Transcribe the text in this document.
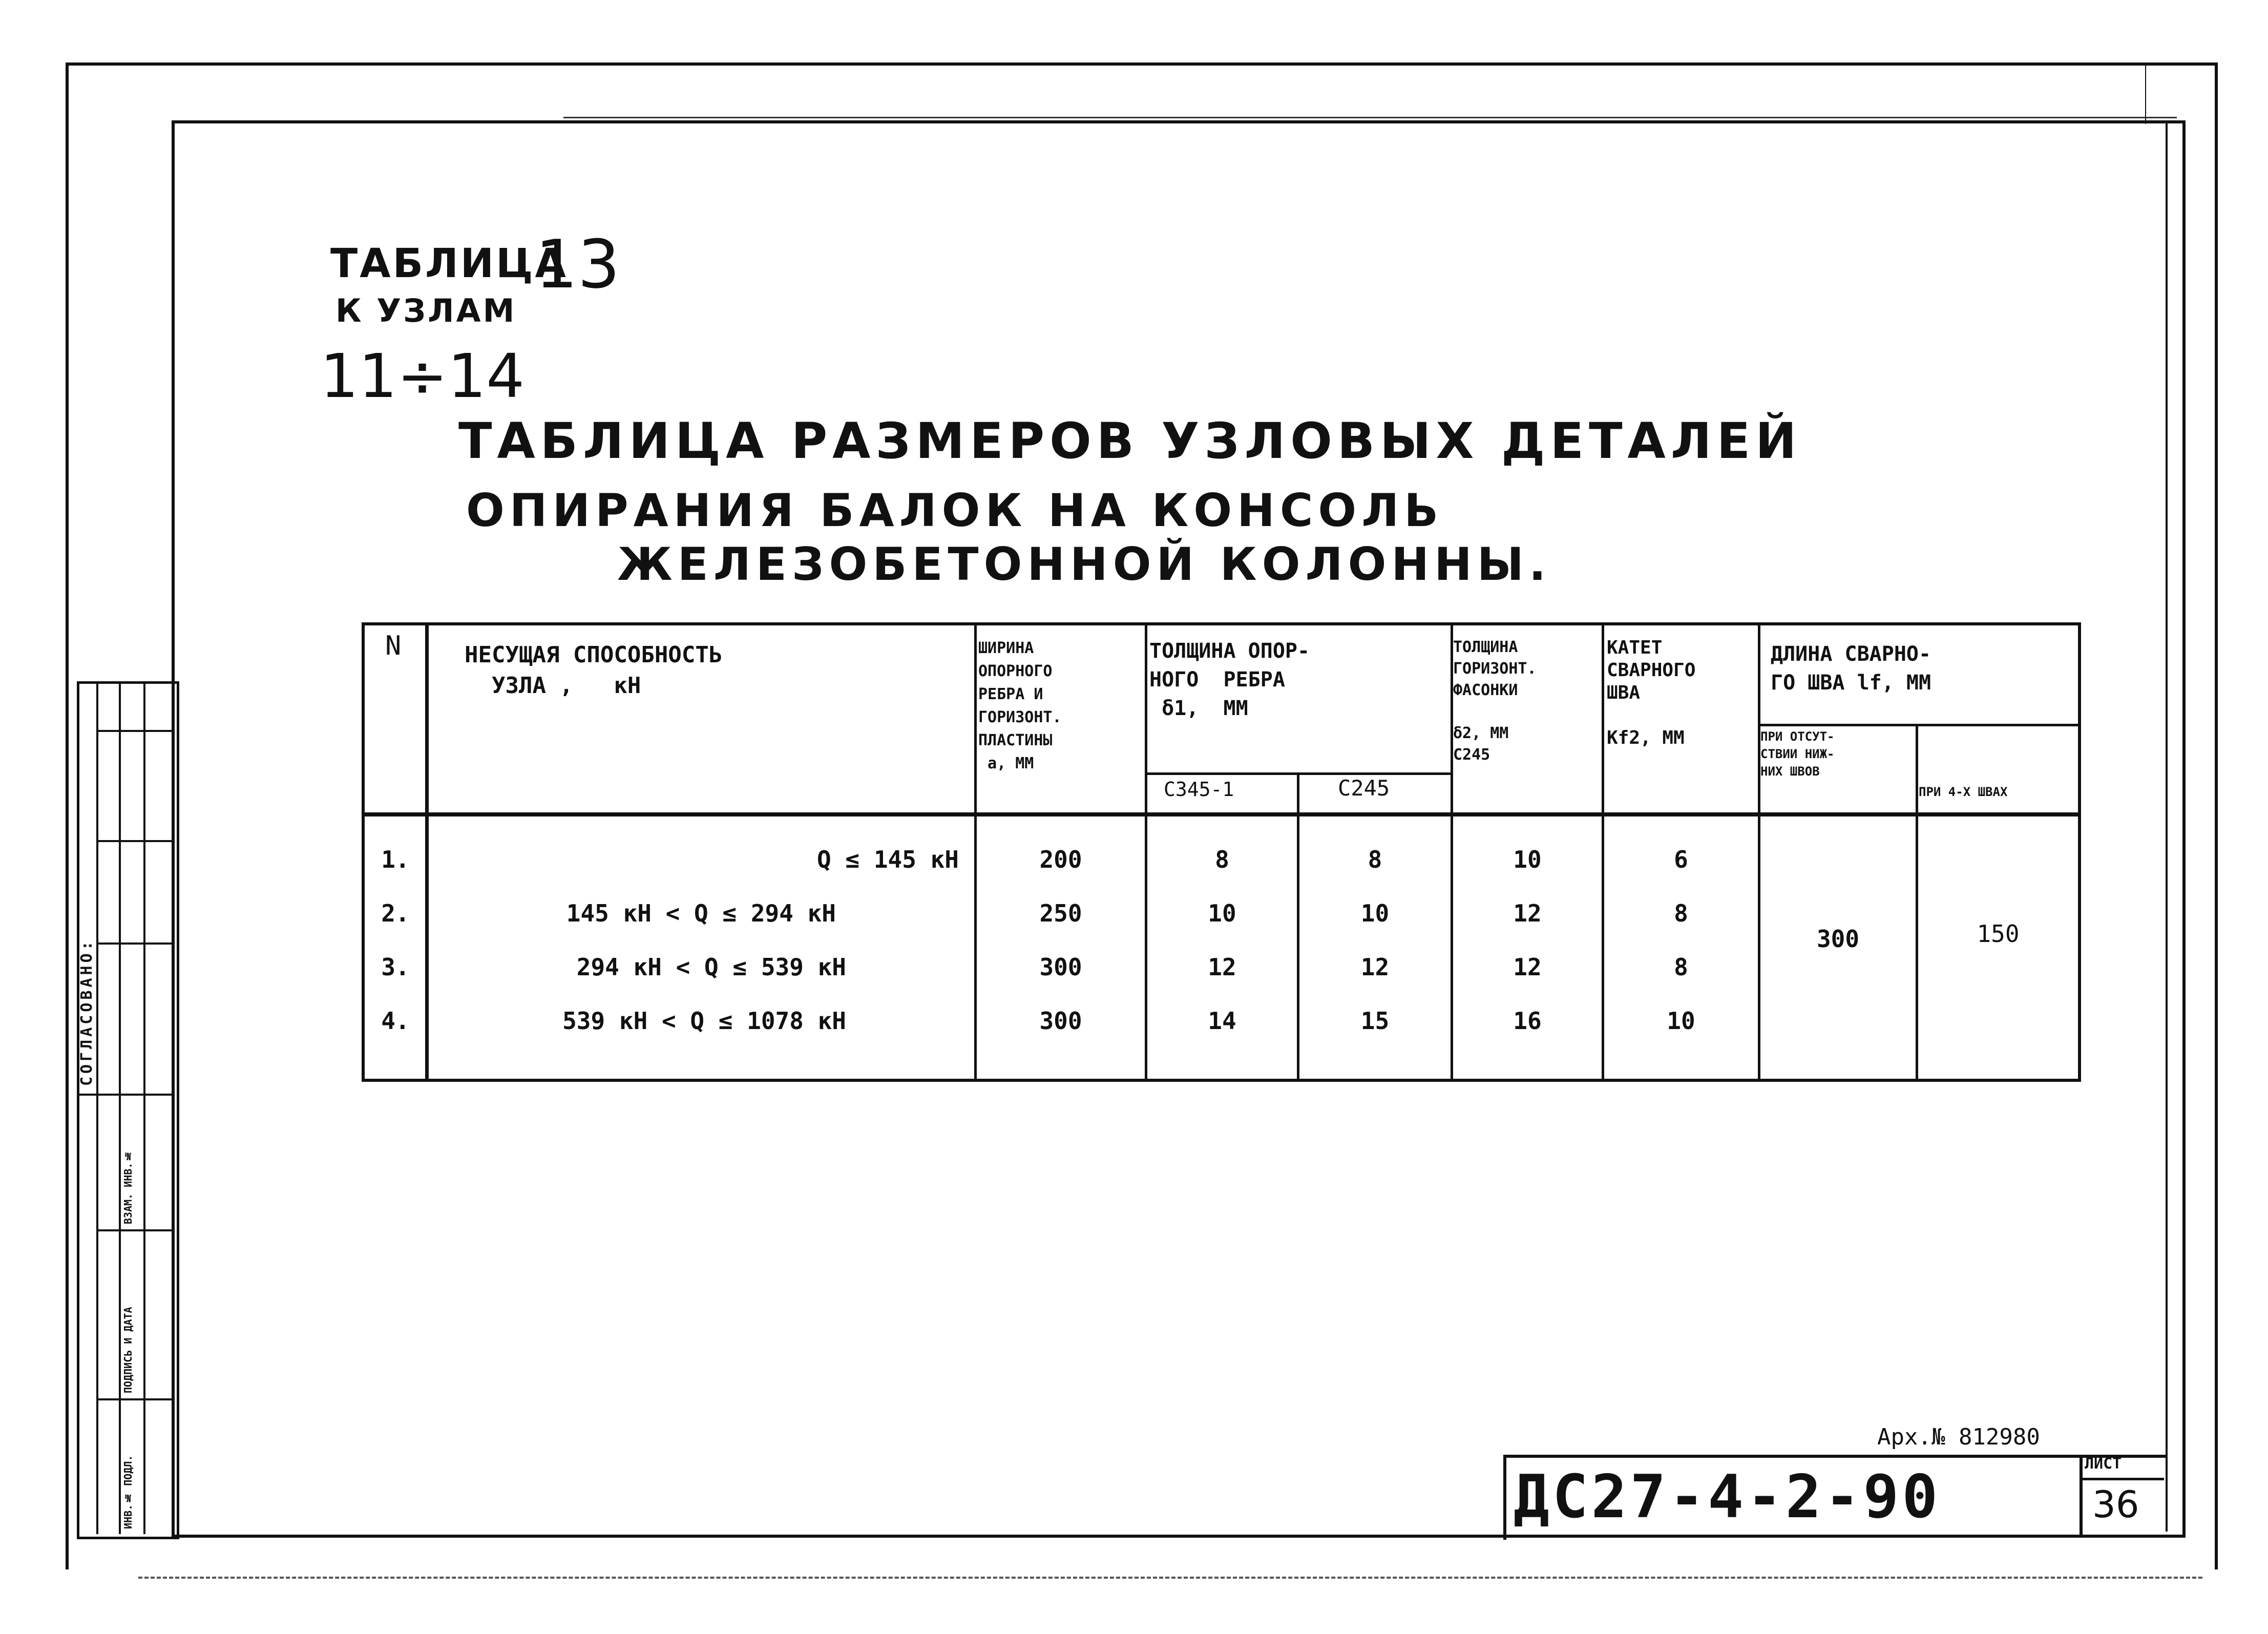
СОГЛАСОВАНО:
ВЗАМ. ИНВ.№
ПОДПИСЬ И ДАТА
ИНВ.№ ПОДЛ.
ТАБЛИЦА
13
К УЗЛАМ
11÷14
ТАБЛИЦА РАЗМЕРОВ УЗЛОВЫХ ДЕТАЛЕЙ
ОПИРАНИЯ БАЛОК НА КОНСОЛЬ
ЖЕЛЕЗОБЕТОННОЙ КОЛОННЫ.
N	НЕСУЩАЯ СПОСОБНОСТЬ
УЗЛА ,   кН
ШИРИНА
ОПОРНОГО
РЕБРА И
ГОРИЗОНТ.
ПЛАСТИНЫ
a, ММ
ТОЛЩИНА ОПОР-
НОГО  РЕБРА
δ1,  ММ
С345-1	С245
ТОЛЩИНА
ГОРИЗОНТ.
ФАСОНКИ

δ2, ММ
С245
КАТЕТ
СВАРНОГО
ШВА

Кf2, ММ
ДЛИНА СВАРНО-
ГО ШВА lf, ММ
ПРИ ОТСУТ-
СТВИИ НИЖ-
НИХ ШВОВ
ПРИ 4-Х ШВАХ
1.	Q ≤ 145 кН	200	8	8	10	6
2.	145 кН < Q ≤ 294 кН	250	10	10	12	8
3.	294 кН < Q ≤ 539 кН	300	12	12	12	8
4.	539 кН < Q ≤ 1078 кН	300	14	15	16	10
300	150
Арх.№ 812980
ДС27-4-2-90	ЛИСТ
36
